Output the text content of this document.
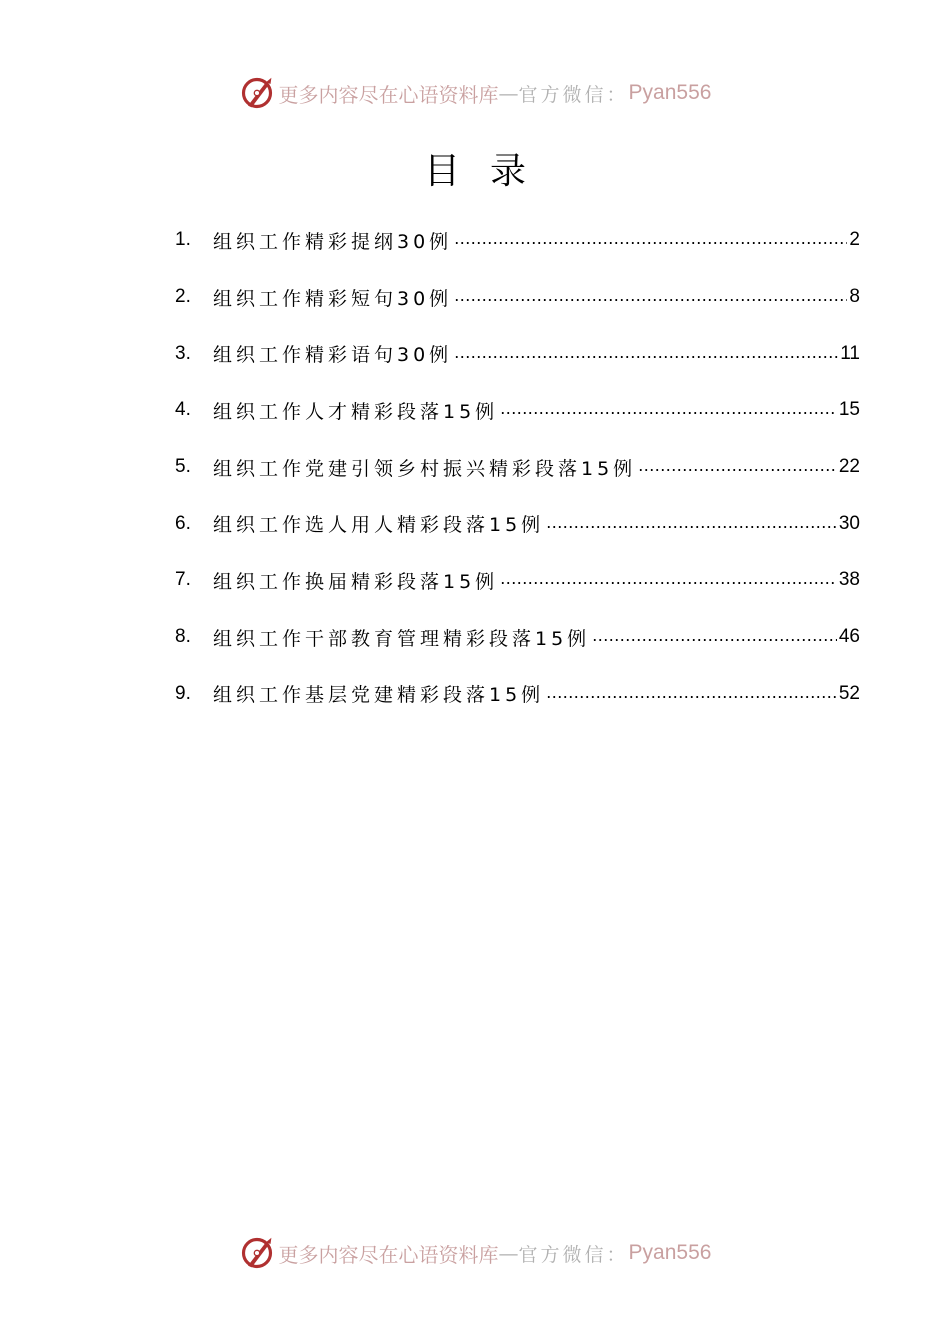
更多内容尽在心语资料库 — 官方微信： Pyan556
目录
1.	组织工作精彩提纲30例 .....	2
2.	组织工作精彩短句30例 .....	8
3.	组织工作精彩语句30例 .....	11
4.	组织工作人才精彩段落15例 .....	15
5.	组织工作党建引领乡村振兴精彩段落15例 .....	22
6.	组织工作选人用人精彩段落15例 .....	30
7.	组织工作换届精彩段落15例 .....	38
8.	组织工作干部教育管理精彩段落15例 .....	46
9.	组织工作基层党建精彩段落15例 .....	52
更多内容尽在心语资料库 — 官方微信： Pyan556
